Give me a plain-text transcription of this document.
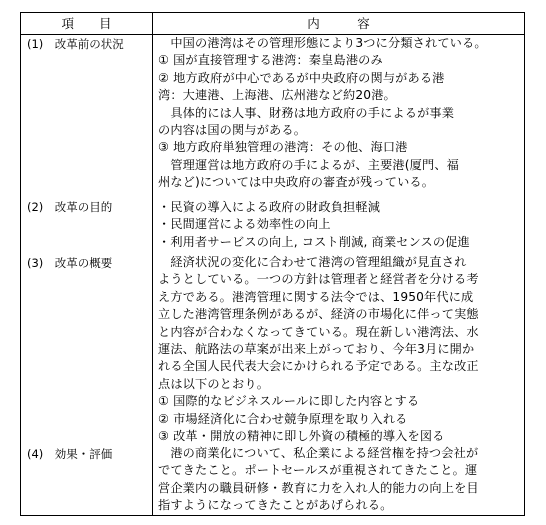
項　　目	内　　　容
(1)　改革前の状況	　中国の港湾はその管理形態により3つに分類されている。
① 国が直接管理する港湾：秦皇島港のみ
② 地方政府が中心であるが中央政府の関与がある港
湾：大連港、上海港、広州港など約20港。
　具体的には人事、財務は地方政府の手によるが事業
の内容は国の関与がある。
③ 地方政府単独管理の港湾：その他、海口港
　管理運営は地方政府の手によるが、主要港(厦門、福
州など)については中央政府の審査が残っている。
(2)　改革の目的	・民資の導入による政府の財政負担軽減
・民間運営による効率性の向上
・利用者サービスの向上, コスト削減, 商業センスの促進
(3)　改革の概要	　経済状況の変化に合わせて港湾の管理組織が見直され
ようとしている。一つの方針は管理者と経営者を分ける考
え方である。港湾管理に関する法令では、1950年代に成
立した港湾管理条例があるが、経済の市場化に伴って実態
と内容が合わなくなってきている。現在新しい港湾法、水
運法、航路法の草案が出来上がっており、今年3月に開か
れる全国人民代表大会にかけられる予定である。主な改正
点は以下のとおり。
① 国際的なビジネスルールに即した内容とする
② 市場経済化に合わせ競争原理を取り入れる
③ 改革・開放の精神に即し外資の積極的導入を図る
(4)　効果・評価	　港の商業化について、私企業による経営権を持つ会社が
でてきたこと。ポートセールスが重視されてきたこと。運
営企業内の職員研修・教育に力を入れ人的能力の向上を目
指すようになってきたことがあげられる。
